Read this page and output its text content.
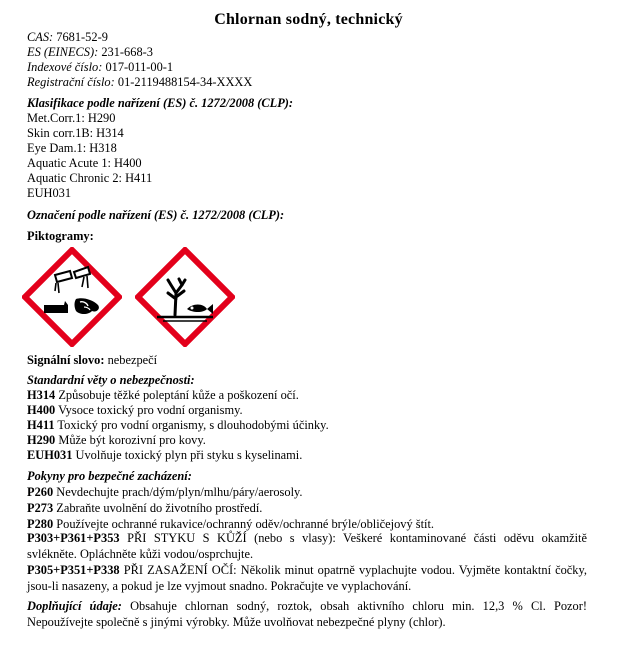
Chlornan sodný, technický
CAS: 7681-52-9
ES (EINECS): 231-668-3
Indexové číslo: 017-011-00-1
Registrační číslo: 01-2119488154-34-XXXX
Klasifikace podle nařízení (ES) č. 1272/2008 (CLP):
Met.Corr.1: H290
Skin corr.1B: H314
Eye Dam.1: H318
Aquatic Acute 1: H400
Aquatic Chronic 2: H411
EUH031
Označení podle nařízení (ES) č. 1272/2008 (CLP):
Piktogramy:
Signální slovo: nebezpečí
Standardní věty o nebezpečnosti:
H314 Způsobuje těžké poleptání kůže a poškození očí.
H400 Vysoce toxický pro vodní organismy.
H411 Toxický pro vodní organismy, s dlouhodobými účinky.
H290 Může být korozivní pro kovy.
EUH031 Uvolňuje toxický plyn při styku s kyselinami.
Pokyny pro bezpečné zacházení:
P260 Nevdechujte prach/dým/plyn/mlhu/páry/aerosoly.
P273 Zabraňte uvolnění do životního prostředí.
P280 Používejte ochranné rukavice/ochranný oděv/ochranné brýle/obličejový štít.
P303+P361+P353 PŘI STYKU S KŮŽÍ (nebo s vlasy): Veškeré kontaminované části oděvu okamžitě svlékněte. Opláchněte kůži vodou/osprchujte.
P305+P351+P338 PŘI ZASAŽENÍ OČÍ: Několik minut opatrně vyplachujte vodou. Vyjměte kontaktní čočky, jsou-li nasazeny, a pokud je lze vyjmout snadno. Pokračujte ve vyplachování.
Doplňující údaje: Obsahuje chlornan sodný, roztok, obsah aktivního chloru min. 12,3 % Cl. Pozor! Nepoužívejte společně s jinými výrobky. Může uvolňovat nebezpečné plyny (chlor).
